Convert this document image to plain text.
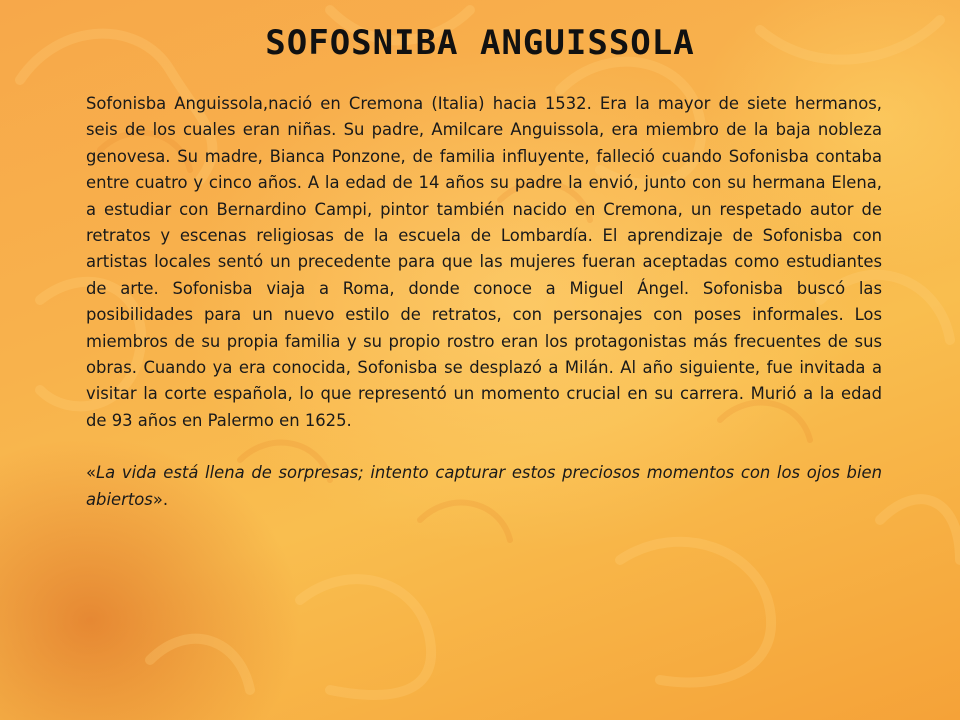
SOFOSNIBA ANGUISSOLA

Sofonisba Anguissola,nació en Cremona (Italia) hacia 1532. Era la mayor de siete hermanos, seis de los cuales eran niñas. Su padre, Amilcare Anguissola, era miembro de la baja nobleza genovesa. Su madre, Bianca Ponzone, de familia influyente, falleció cuando Sofonisba contaba entre cuatro y cinco años. A la edad de 14 años su padre la envió, junto con su hermana Elena, a estudiar con Bernardino Campi, pintor también nacido en Cremona, un respetado autor de retratos y escenas religiosas de la escuela de Lombardía. El aprendizaje de Sofonisba con artistas locales sentó un precedente para que las mujeres fueran aceptadas como estudiantes de arte. Sofonisba viaja a Roma, donde conoce a Miguel Ángel. Sofonisba buscó las posibilidades para un nuevo estilo de retratos, con personajes con poses informales. Los miembros de su propia familia y su propio rostro eran los protagonistas más frecuentes de sus obras. Cuando ya era conocida, Sofonisba se desplazó a Milán. Al año siguiente, fue invitada a visitar la corte española, lo que representó un momento crucial en su carrera. Murió a la edad de 93 años en Palermo en 1625.

«La vida está llena de sorpresas; intento capturar estos preciosos momentos con los ojos bien abiertos».
